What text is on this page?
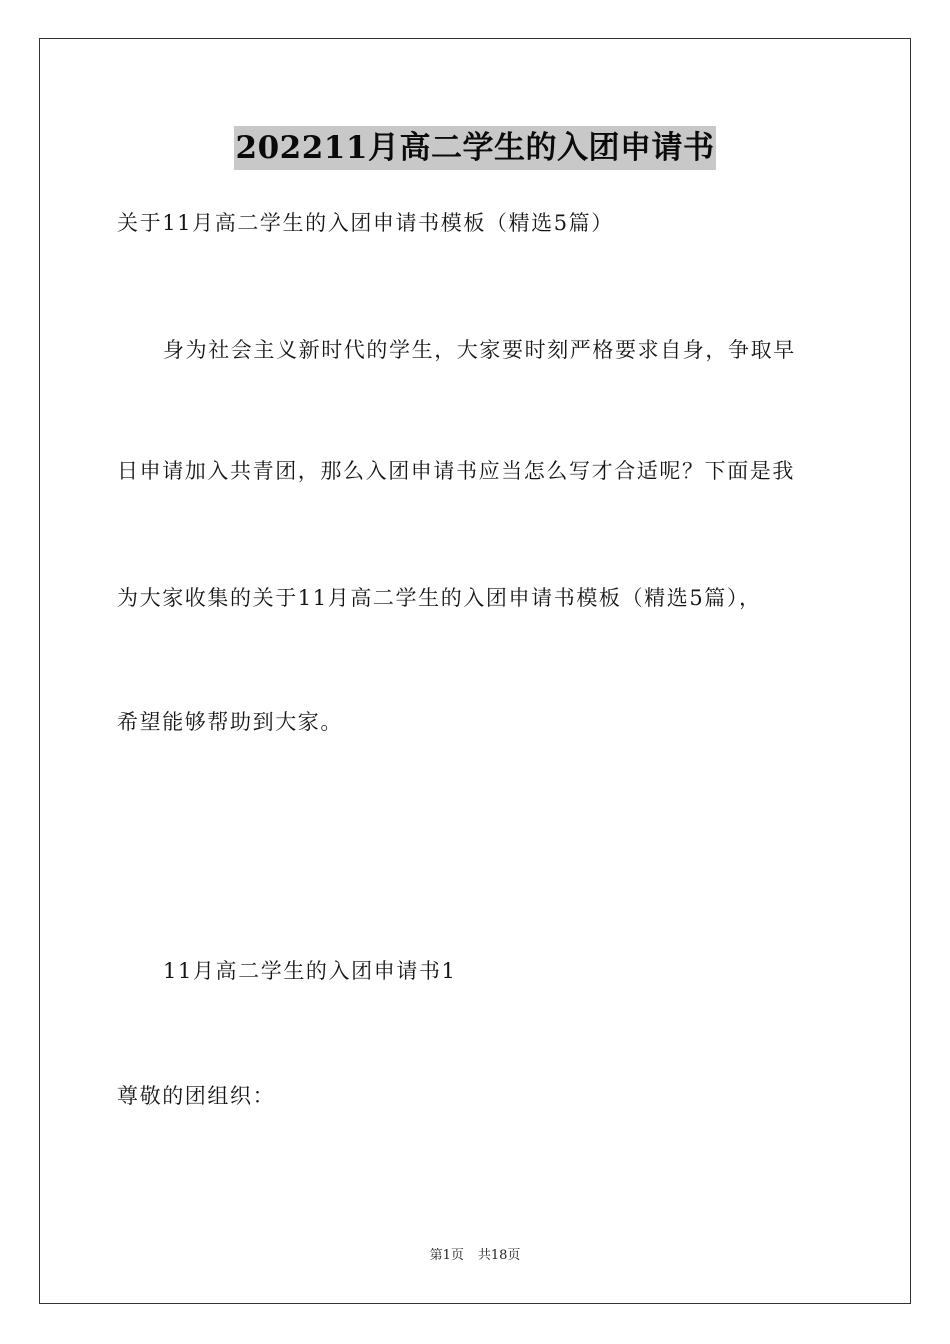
202211月高二学生的入团申请书
关于11月高二学生的入团申请书模板（精选5篇）
身为社会主义新时代的学生，大家要时刻严格要求自身，争取早
日申请加入共青团，那么入团申请书应当怎么写才合适呢？下面是我
为大家收集的关于11月高二学生的入团申请书模板（精选5篇），
希望能够帮助到大家。
11月高二学生的入团申请书1
尊敬的团组织：
第1页 共18页
